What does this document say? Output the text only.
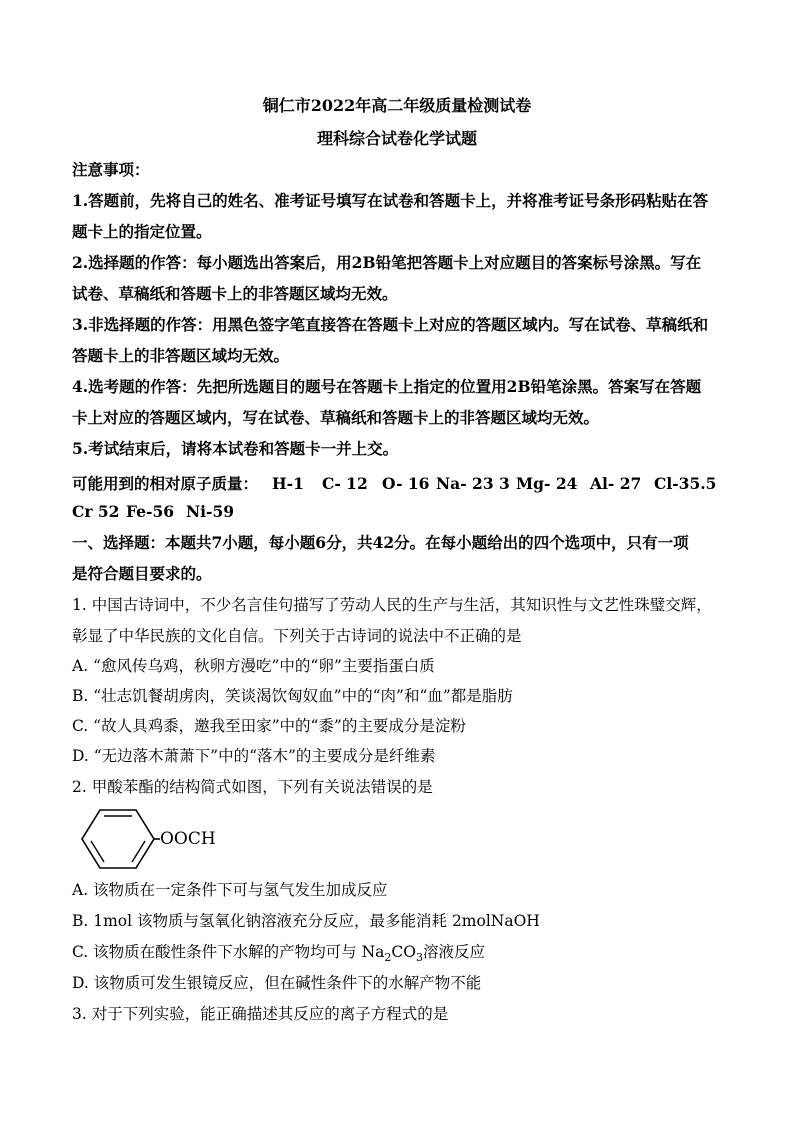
铜仁市2022年高二年级质量检测试卷
理科综合试卷化学试题
注意事项：
1.答题前，先将自己的姓名、准考证号填写在试卷和答题卡上，并将准考证号条形码粘贴在答
题卡上的指定位置。
2.选择题的作答：每小题选出答案后，用2B铅笔把答题卡上对应题目的答案标号涂黑。写在
试卷、草稿纸和答题卡上的非答题区域均无效。
3.非选择题的作答：用黑色签字笔直接答在答题卡上对应的答题区域内。写在试卷、草稿纸和
答题卡上的非答题区域均无效。
4.选考题的作答：先把所选题目的题号在答题卡上指定的位置用2B铅笔涂黑。答案写在答题
卡上对应的答题区域内，写在试卷、草稿纸和答题卡上的非答题区域均无效。
5.考试结束后，请将本试卷和答题卡一并上交。
可能用到的相对原子质量： H-1 C- 12 O- 16 Na- 23 3 Mg- 24 Al- 27 Cl-35.5
Cr 52 Fe-56 Ni-59
一、选择题：本题共7小题，每小题6分，共42分。在每小题给出的四个选项中，只有一项
是符合题目要求的。
1. 中国古诗词中，不少名言佳句描写了劳动人民的生产与生活，其知识性与文艺性珠璧交辉，
彰显了中华民族的文化自信。下列关于古诗词的说法中不正确的是
A. “愈风传乌鸡，秋卵方漫吃”中的“卵”主要指蛋白质
B. “壮志饥餐胡虏肉，笑谈渴饮匈奴血”中的“肉”和“血”都是脂肪
C. “故人具鸡黍，邀我至田家”中的“黍”的主要成分是淀粉
D. “无边落木萧萧下”中的“落木”的主要成分是纤维素
2. 甲酸苯酯的结构简式如图，下列有关说法错误的是
OOCH
A. 该物质在一定条件下可与氢气发生加成反应
B. 1mol 该物质与氢氧化钠溶液充分反应，最多能消耗 2molNaOH
C. 该物质在酸性条件下水解的产物均可与 $Na_2CO_3$溶液反应
D. 该物质可发生银镜反应，但在碱性条件下的水解产物不能
3. 对于下列实验，能正确描述其反应的离子方程式的是
